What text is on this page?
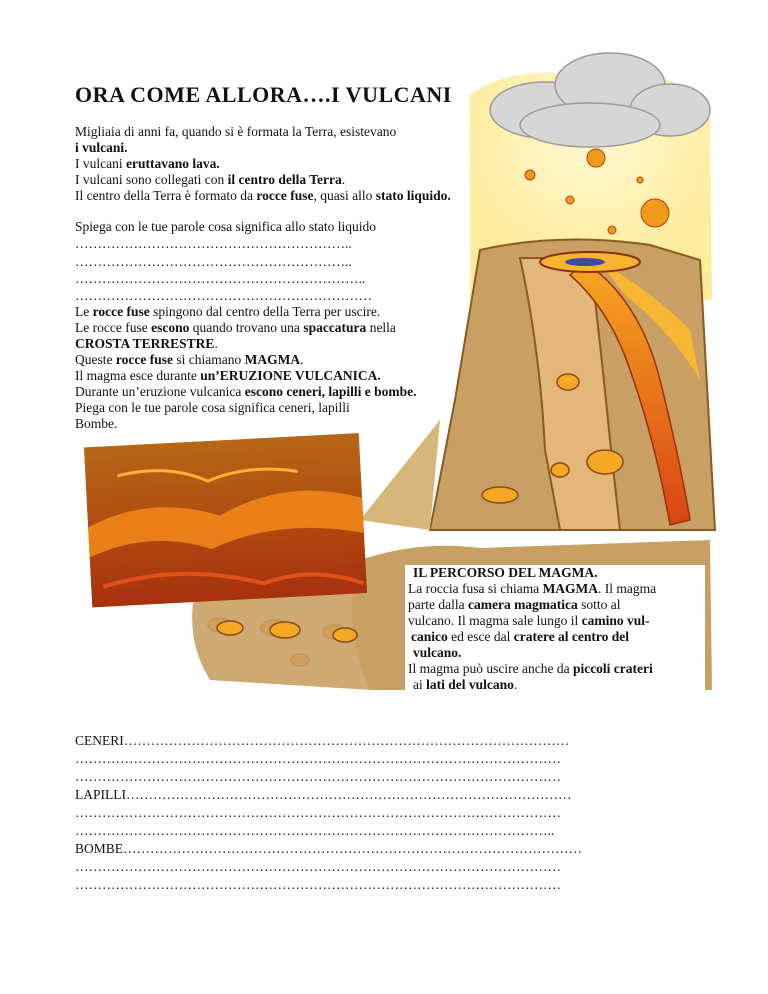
ORA COME ALLORA….I VULCANI
Migliaia di anni fa, quando si è formata la Terra, esistevano
i vulcani.
I vulcani eruttavano lava.
I vulcani sono collegati con il centro della Terra.
Il centro della Terra è formato da rocce fuse, quasi allo stato liquido.
Spiega con le tue parole cosa significa allo stato liquido
……………………………………………………..
……………………………………………………..
………………………………………………………..
…………………………………………………………
Le rocce fuse spingono dal centro della Terra per uscire.
Le rocce fuse escono quando trovano una spaccatura nella
CROSTA TERRESTRE.
Queste rocce fuse si chiamano MAGMA.
Il magma esce durante un’ERUZIONE VULCANICA.
Durante un’eruzione vulcanica escono ceneri, lapilli e bombe.
Piega con le tue parole cosa significa ceneri, lapilli
Bombe.
IL PERCORSO DEL MAGMA.
La roccia fusa si chiama MAGMA. Il magma
parte dalla camera magmatica sotto al
vulcano. Il magma sale lungo il camino vul-
canico ed esce dal cratere al centro del
vulcano.
Il magma può uscire anche da piccoli crateri
ai lati del vulcano.
CENERI………………………………………………………………………………………
………………………………………………………………………………………………
………………………………………………………………………………………………
LAPILLI………………………………………………………………………………………
………………………………………………………………………………………………
……………………………………………………………………………………………..
BOMBE…………………………………………………………………………………………
………………………………………………………………………………………………
………………………………………………………………………………………………
